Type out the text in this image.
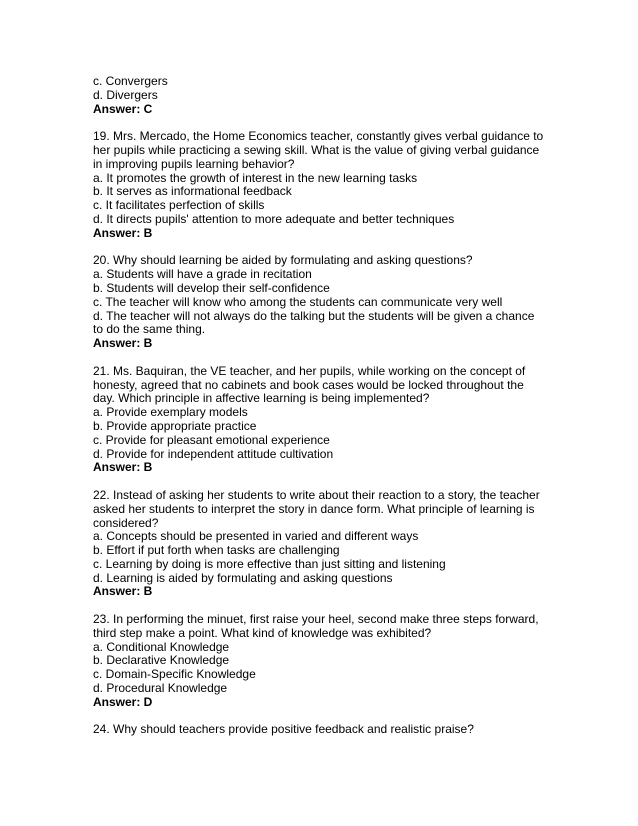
c. Convergers
d. Divergers
Answer: C
19. Mrs. Mercado, the Home Economics teacher, constantly gives verbal guidance to
her pupils while practicing a sewing skill. What is the value of giving verbal guidance
in improving pupils learning behavior?
a. It promotes the growth of interest in the new learning tasks
b. It serves as informational feedback
c. It facilitates perfection of skills
d. It directs pupils' attention to more adequate and better techniques
Answer: B
20. Why should learning be aided by formulating and asking questions?
a. Students will have a grade in recitation
b. Students will develop their self-confidence
c. The teacher will know who among the students can communicate very well
d. The teacher will not always do the talking but the students will be given a chance
to do the same thing.
Answer: B
21. Ms. Baquiran, the VE teacher, and her pupils, while working on the concept of
honesty, agreed that no cabinets and book cases would be locked throughout the
day. Which principle in affective learning is being implemented?
a. Provide exemplary models
b. Provide appropriate practice
c. Provide for pleasant emotional experience
d. Provide for independent attitude cultivation
Answer: B
22. Instead of asking her students to write about their reaction to a story, the teacher
asked her students to interpret the story in dance form. What principle of learning is
considered?
a. Concepts should be presented in varied and different ways
b. Effort if put forth when tasks are challenging
c. Learning by doing is more effective than just sitting and listening
d. Learning is aided by formulating and asking questions
Answer: B
23. In performing the minuet, first raise your heel, second make three steps forward,
third step make a point. What kind of knowledge was exhibited?
a. Conditional Knowledge
b. Declarative Knowledge
c. Domain-Specific Knowledge
d. Procedural Knowledge
Answer: D
24. Why should teachers provide positive feedback and realistic praise?
